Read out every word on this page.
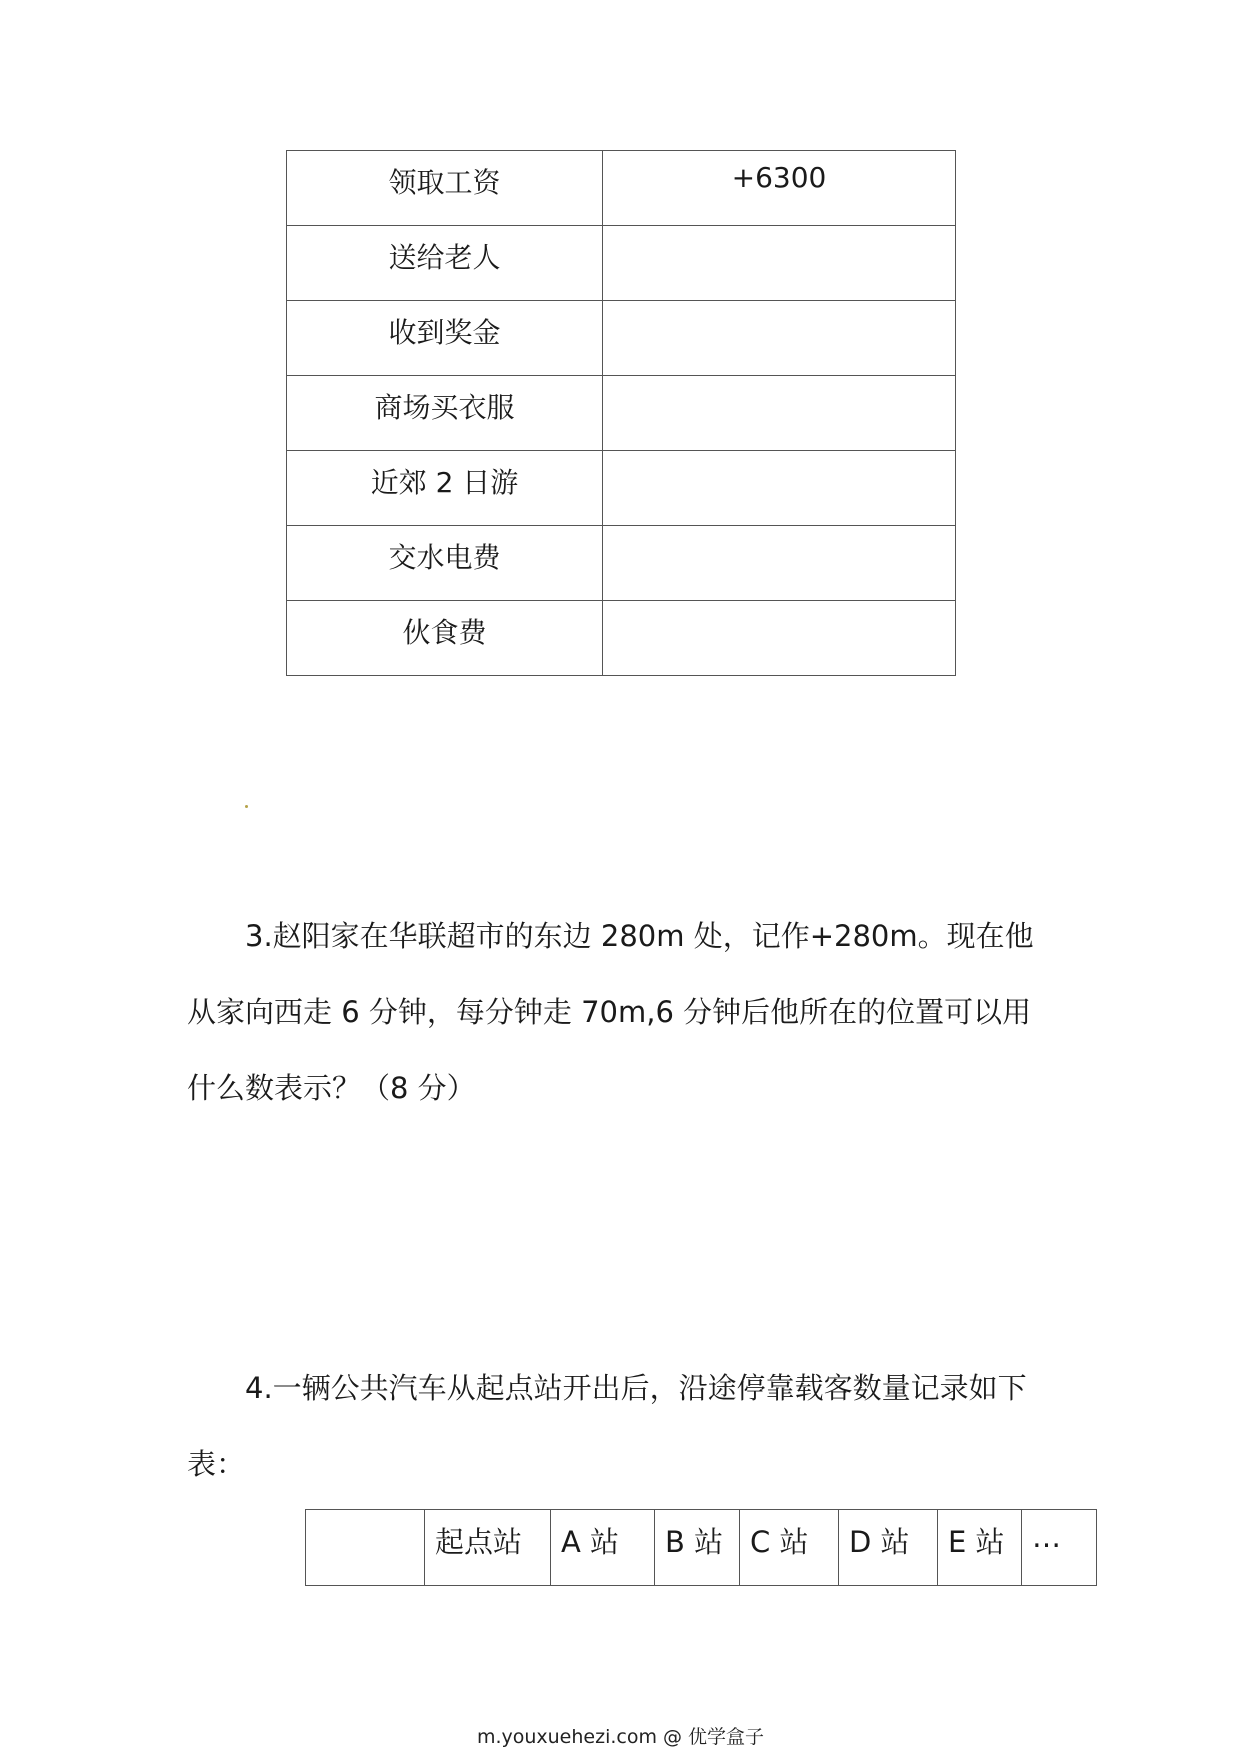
领取工资	+6300
送给老人	
收到奖金	
商场买衣服	
近郊 2 日游	
交水电费	
伙食费	
3.赵阳家在华联超市的东边 280m 处，记作+280m。现在他从家向西走 6 分钟，每分钟走 70m,6 分钟后他所在的位置可以用什么数表示？（8 分）
4.一辆公共汽车从起点站开出后，沿途停靠载客数量记录如下表：
	起点站	A 站	B 站	C 站	D 站	E 站	…
m.youxuehezi.com @ 优学盒子
